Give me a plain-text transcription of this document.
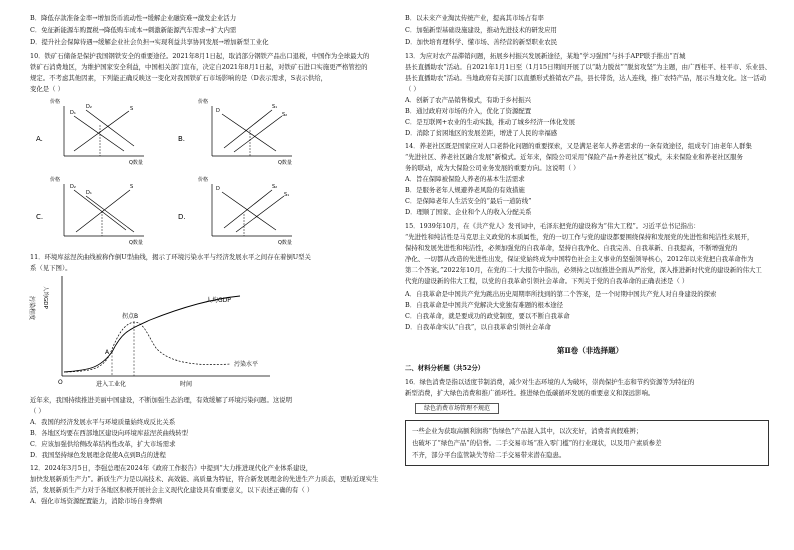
B．降低存款准备金率→增加货币流动性→缓解企业融资难→激发企业活力
C．免征新能源车购置税→降低购车成本→刺激新能源汽车需求→扩大内需
D．提升社会保障待遇→缓解企业社会负担→实现利益共享协同发展→增加新型工业化
10．铁矿石储备是保护我国钢铁安全的重要途径。2021年8月1日起，取消部分钢铁产品出口退税，中国作为全球最大的
铁矿石消费地区，为维护国家安全利益，中国相关部门宣布，决定自2021年8月1日起，对铁矿石进口实施更严格管控的
规定。不考虑其他因素，下列能正确反映这一变化对我国铁矿石市场影响的是（D表示需求，S表示供给，
变化是（ ）
A.
价格
D₁
D₂	S
Q数量
B.
价格
D
S₁
S₂
Q数量
C.
价格
D₂
D₁
S
Q数量
D.
价格
D	S₂
S₁
Q数量
11．环境库兹涅茨曲线被称作倒U型曲线，揭示了环境污染水平与经济发展水平之间存在着倒U型关
系（见下图）。
污染程度 人均GDP
A
拐点B
人均GDP
污染水平
O	进入工业化	时间
近年来，我国持续推进美丽中国建设，不断加强生态治理，有效缓解了环境污染问题。这说明
（ ）
A．我国的经济发展水平与环境质量始终成反比关系
B．各地区均要在西部地区建设向环境库兹涅茨曲线转型
C．应该加强供给侧改革结构性改革，扩大市场需求
D．我国坚持绿色发展理念促使A点到B点的进程
12．2024年3月5日，李强总理在2024年《政府工作报告》中提到“大力推进现代化产业体系建设，
加快发展新质生产力”。新质生产力是以高技术、高效能、高质量为特征，符合新发展理念的先进生产力质态，更贴近现实生
活，发展新质生产力对于各地区积极开展社会主义现代化建设具有重要意义，以下表述正确的有（ ）
A．强化市场资源配置能力，消除市场自身弊病
B．以未来产业淘汰传统产业，提高其市场占有率
C．加强新型基础设施建设，推动先进技术的研发应用
D．加快培育理科学、懂市场、善经营的新型职业农民
13．为应对农产品滞销问题，拓展乡村振兴发展新途径，某地“学习强国”与抖手APP联手推出“百城
县长直播助农”活动。自2021年1月1日至（1月15日期间开展了以“助力脱贫”“脱贫攻坚”为主题，由广西桂平、桂平市、乐业县、
县长直播助农”活动。当地政府有关部门以直播形式推销农产品，县长带货，达人连线，推广农特产品，展示当地文化。这一活动
（ ）
A．创新了农产品销售模式，有助于乡村振兴
B．通过政府对市场的介入，优化了资源配置
C．是互联网+农业的生动实践，推动了城乡经济一体化发展
D．消除了贫困地区的发展差距，增进了人民的幸福感
14．养老社区既是国家应对人口老龄化问题的重要探索，又是满足老年人养老需求的一条有效途径，组成专门由老年人群集
“先进社区、养老社区融合发展”新模式。近年来，保险公司采用“保险产品+养老社区”模式，未来保险业和养老社区服务
务的联动，成为大保险公司业务发展的重要方向。这说明（ ）
A．旨在保障被保险人养老的基本生活需求
B．是服务老年人规避养老风险的有效措施
C．是保障老年人生活安全的“最后一道防线”
D．理顺了国家、企业和个人的收入分配关系
15．1939年10月，在《共产党人》发刊词中，毛泽东把党的建设称为“伟大工程”。习近平总书记指出：
“先进性和纯洁性是马克思主义政党的本质属性，党的一切工作与党的建设都要围绕保持和发展党的先进性和纯洁性来展开，
保持和发展先进性和纯洁性，必须加强党的自我革命，坚持自我净化、自我完善、自我革新、自我提高，不断增强党的
净化、一切都从改造的先进性出发，保证党始终成为中国特色社会主义事业的坚强领导核心，2012年以来党把自我革命作为
第二个答案。”2022年10月，在党的二十大报告中指出，必须持之以恒推进全面从严治党，深入推进新时代党的建设新的伟大工
代党的建设新的伟大工程，以党的自我革命引领社会革命。下列关于党的自我革命的正确表述是（ ）
A．自我革命是中国共产党为跳出历史周期率所找到的第二个答案，是一个时期中国共产党人对自身建设的探索
B．自我革命是中国共产党解决大党独有难题的根本途径
C．自我革命，就是要成功的政党制度，要以不断自我革命
D．自我革命实认“自我”，以自我革命引领社会革命
第Ⅱ卷（非选择题）
二、材料分析题（共52分）
16．绿色消费是指以适度节制消费，减少对生态环境的人为破坏，崇尚保护生态和节约资源等为特征的
新型消费，扩大绿色消费和推广循环性。推进绿色低碳循环发展的重要意义和深远影响。
绿色消费市场管理不规范
一些企业为获取高额利润将“伪绿色”产品混入其中，以次充好，消费者真假难辨；
也破坏了“绿色产品”的信誉。二手交易市场“准入零门槛”的行业现状，以及用户素质参差
不齐，部分平台监管缺失等给二手交易带来潜在隐患。
